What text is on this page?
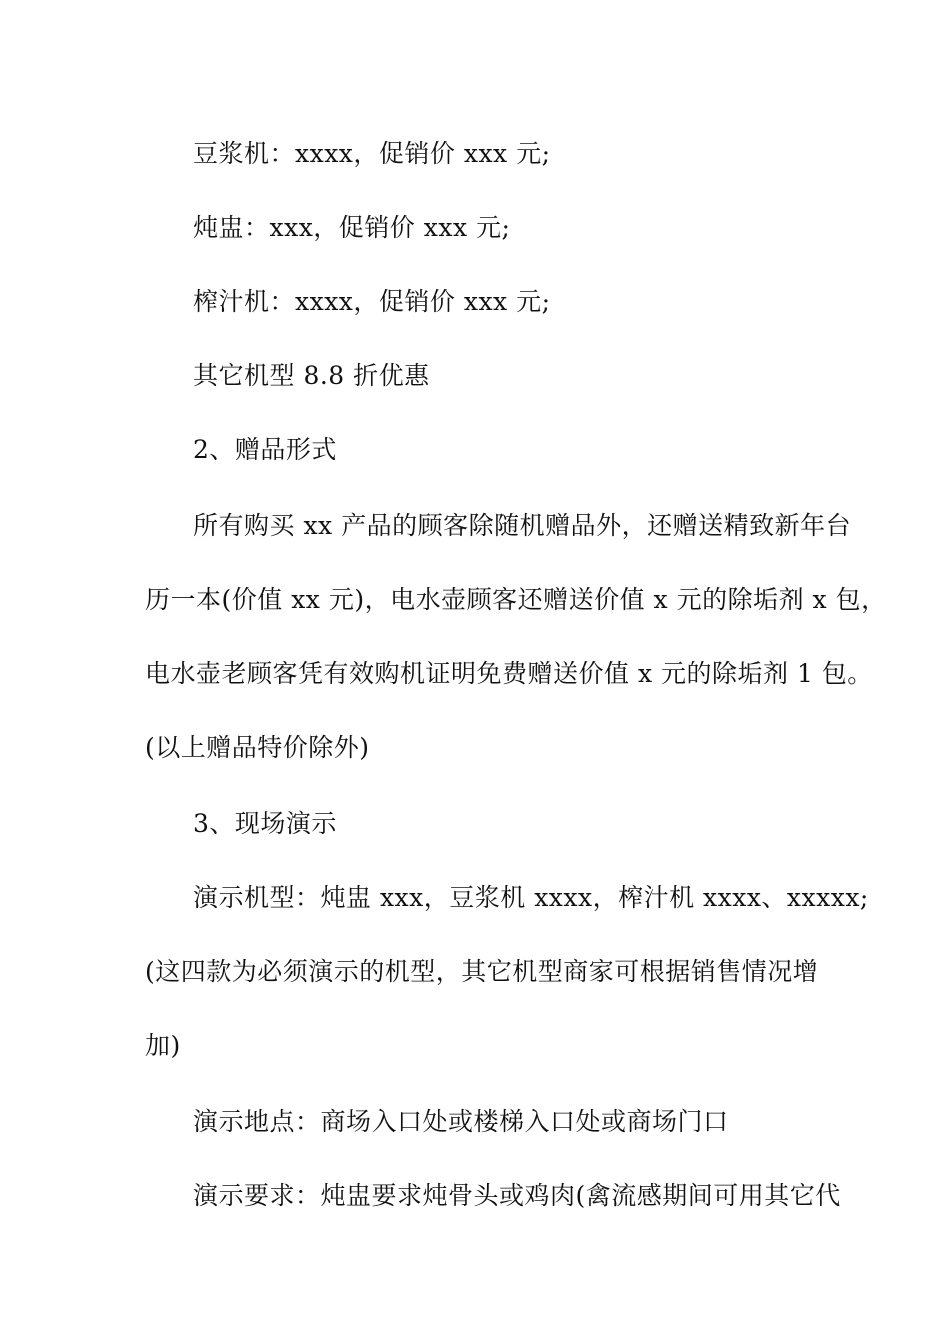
豆浆机：xxxx，促销价 xxx 元;
炖盅：xxx，促销价 xxx 元;
榨汁机：xxxx，促销价 xxx 元;
其它机型 8.8 折优惠
2、赠品形式
所有购买 xx 产品的顾客除随机赠品外，还赠送精致新年台
历一本(价值 xx 元)，电水壶顾客还赠送价值 x 元的除垢剂 x 包，
电水壶老顾客凭有效购机证明免费赠送价值 x 元的除垢剂 1 包。
(以上赠品特价除外)
3、现场演示
演示机型：炖盅 xxx，豆浆机 xxxx，榨汁机 xxxx、xxxxx;
(这四款为必须演示的机型，其它机型商家可根据销售情况增
加)
演示地点：商场入口处或楼梯入口处或商场门口
演示要求：炖盅要求炖骨头或鸡肉(禽流感期间可用其它代
